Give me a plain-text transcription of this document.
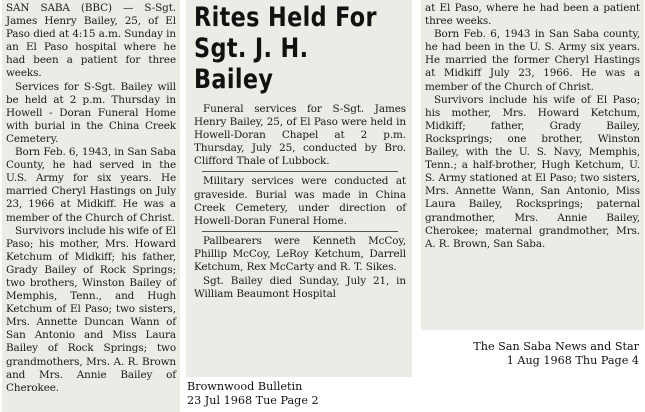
SAN SABA (BBC) — S-Sgt. James Henry Bailey, 25, of El Paso died at 4:15 a.m. Sunday in an El Paso hospital where he had been a patient for three weeks.

Services for S-Sgt. Bailey will be held at 2 p.m. Thursday in Howell - Doran Funeral Home with burial in the China Creek Cemetery.

Born Feb. 6, 1943, in San Saba County, he had served in the U.S. Army for six years. He married Cheryl Hastings on July 23, 1966 at Midkiff. He was a member of the Church of Christ.

Survivors include his wife of El Paso; his mother, Mrs. Howard Ketchum of Midkiff; his father, Grady Bailey of Rock Springs; two brothers, Winston Bailey of Memphis, Tenn., and Hugh Ketchum of El Paso; two sisters, Mrs. Annette Duncan Wann of San Antonio and Miss Laura Bailey of Rock Springs; two grandmothers, Mrs. A. R. Brown and Mrs. Annie Bailey of Cherokee.

Rites Held For Sgt. J. H. Bailey

Funeral services for S-Sgt. James Henry Bailey, 25, of El Paso were held in Howell-Doran Chapel at 2 p.m. Thursday, July 25, conducted by Bro. Clifford Thale of Lubbock.

Military services were conducted at graveside. Burial was made in China Creek Cemetery, under direction of Howell-Doran Funeral Home.

Pallbearers were Kenneth McCoy, Phillip McCoy, LeRoy Ketchum, Darrell Ketchum, Rex McCarty and R. T. Sikes.

Sgt. Bailey died Sunday, July 21, in William Beaumont Hospital

Brownwood Bulletin
23 Jul 1968 Tue Page 2

at El Paso, where he had been a patient three weeks.

Born Feb. 6, 1943 in San Saba county, he had been in the U. S. Army six years. He married the former Cheryl Hastings at Midkiff July 23, 1966. He was a member of the Church of Christ.

Survivors include his wife of El Paso; his mother, Mrs. Howard Ketchum, Midkiff; father, Grady Bailey, Rocksprings; one brother, Winston Bailey, with the U. S. Navy, Memphis, Tenn.; a half-brother, Hugh Ketchum, U. S. Army stationed at El Paso; two sisters, Mrs. Annette Wann, San Antonio, Miss Laura Bailey, Rocksprings; paternal grandmother, Mrs. Annie Bailey, Cherokee; maternal grandmother, Mrs. A. R. Brown, San Saba.

The San Saba News and Star
1 Aug 1968 Thu Page 4
